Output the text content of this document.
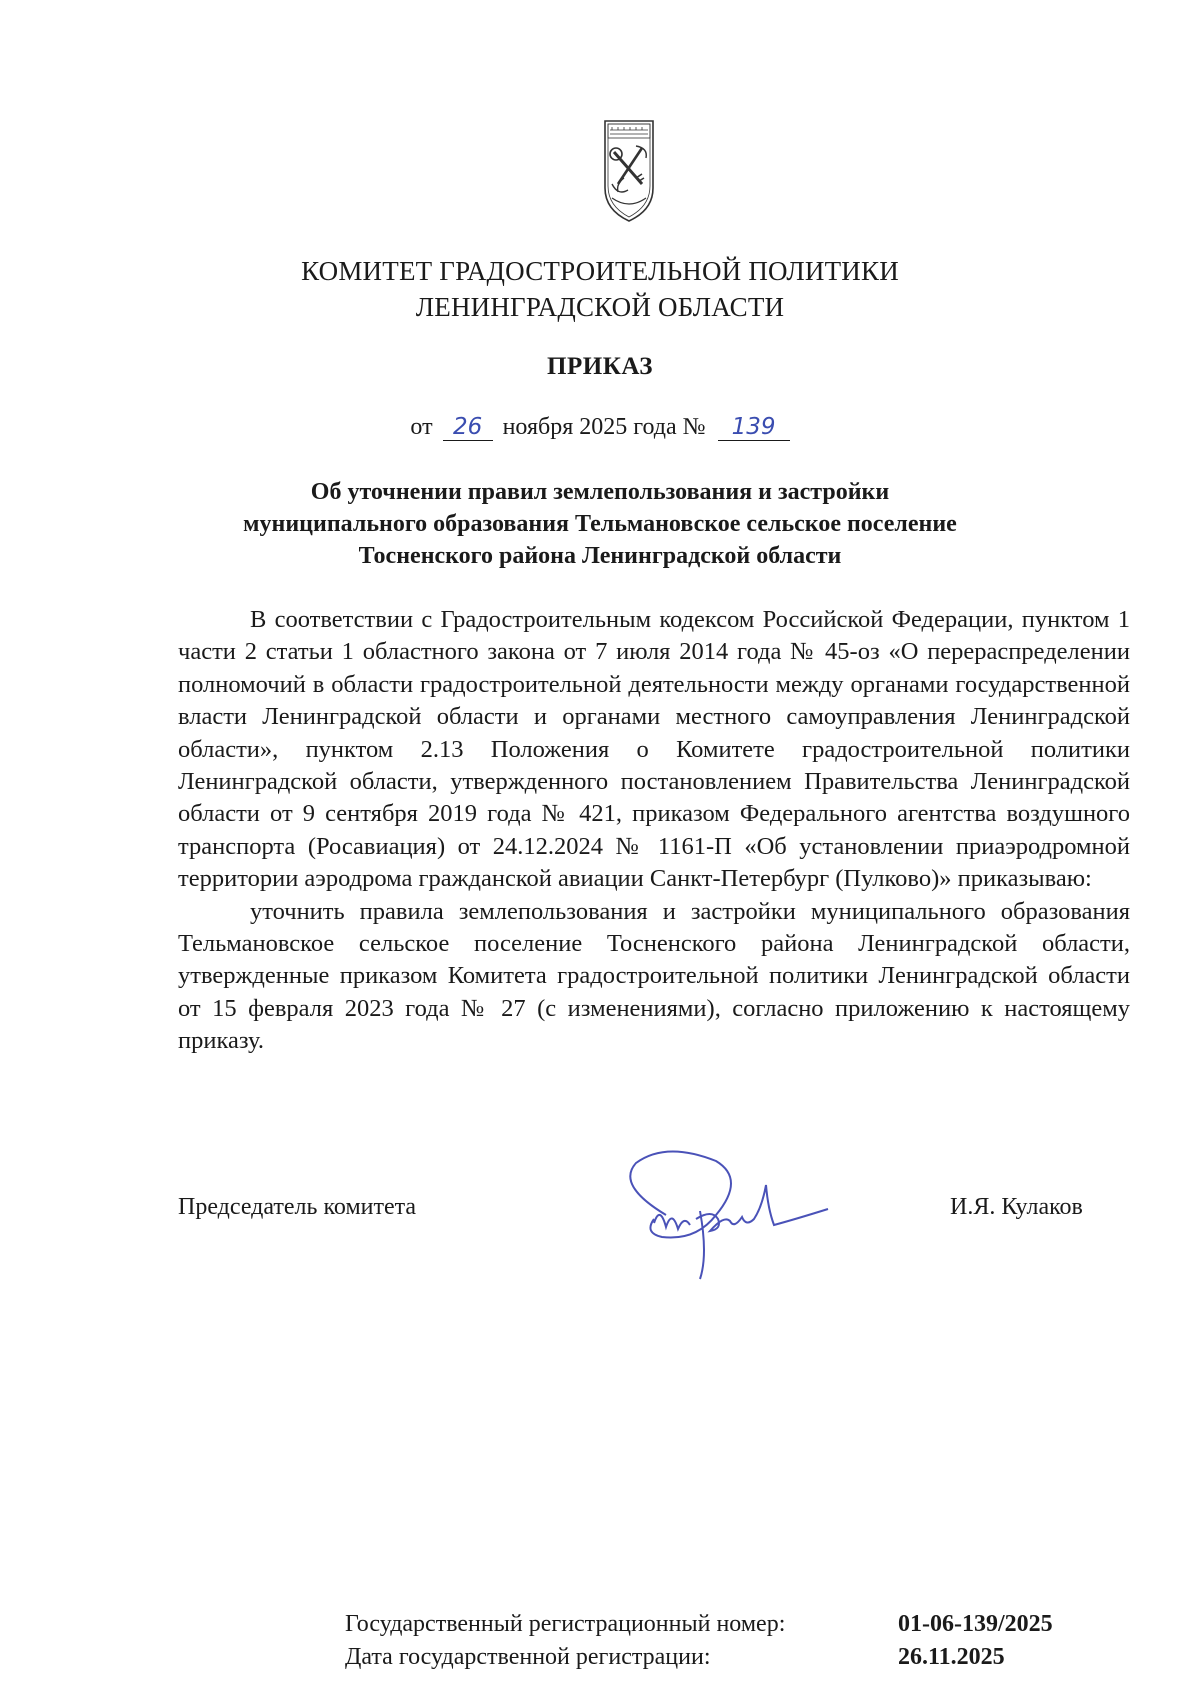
КОМИТЕТ ГРАДОСТРОИТЕЛЬНОЙ ПОЛИТИКИ
ЛЕНИНГРАДСКОЙ ОБЛАСТИ
ПРИКАЗ
от 26 ноября 2025 года № 139
Об уточнении правил землепользования и застройки
муниципального образования Тельмановское сельское поселение
Тосненского района Ленинградской области

В соответствии с Градостроительным кодексом Российской Федерации, пунктом 1 части 2 статьи 1 областного закона от 7 июля 2014 года № 45-оз «О перераспределении полномочий в области градостроительной деятельности между органами государственной власти Ленинградской области и органами местного самоуправления Ленинградской области», пунктом 2.13 Положения о Комитете градостроительной политики Ленинградской области, утвержденного постановлением Правительства Ленинградской области от 9 сентября 2019 года № 421, приказом Федерального агентства воздушного транспорта (Росавиация) от 24.12.2024 № 1161-П «Об установлении приаэродромной территории аэродрома гражданской авиации Санкт-Петербург (Пулково)» приказываю:

уточнить правила землепользования и застройки муниципального образования Тельмановское сельское поселение Тосненского района Ленинградской области, утвержденные приказом Комитета градостроительной политики Ленинградской области от 15 февраля 2023 года № 27 (с изменениями), согласно приложению к настоящему приказу.

Председатель комитета	И.Я. Кулаков
Государственный регистрационный номер:	01-06-139/2025
Дата государственной регистрации:	26.11.2025
